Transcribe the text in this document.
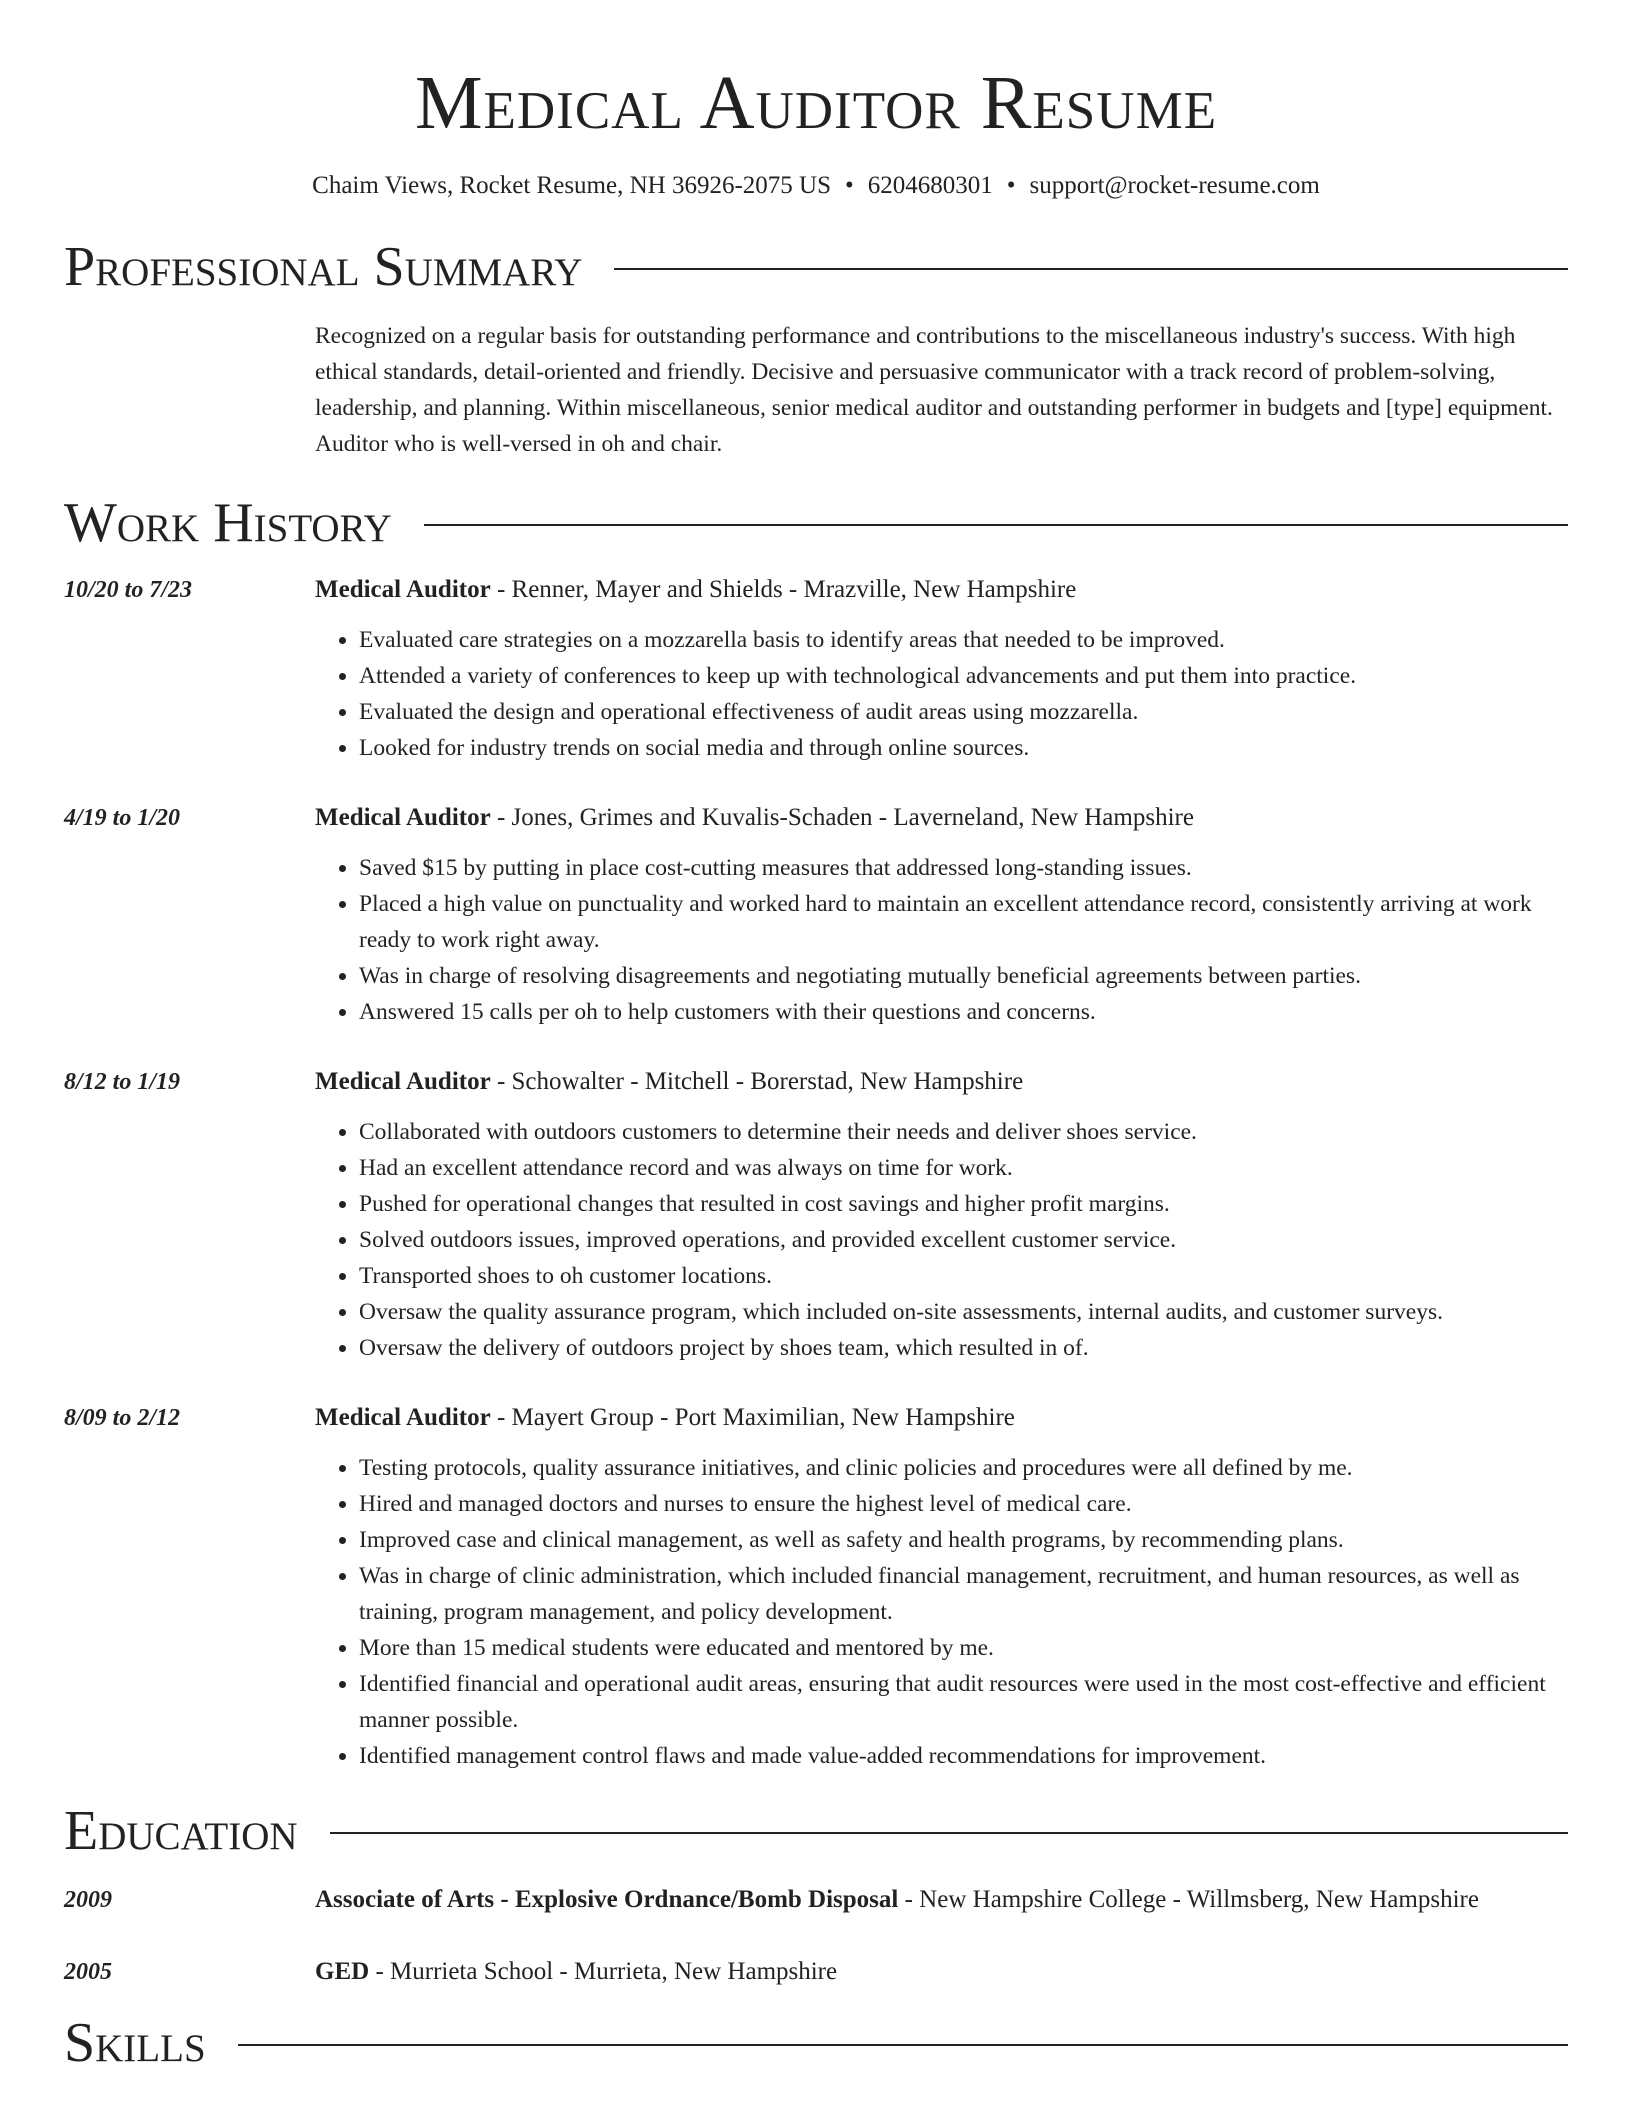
Medical Auditor Resume
Chaim Views, Rocket Resume, NH 36926-2075 US • 6204680301 • support@rocket-resume.com
Professional Summary
Recognized on a regular basis for outstanding performance and contributions to the miscellaneous industry's success. With high ethical standards, detail-oriented and friendly. Decisive and persuasive communicator with a track record of problem-solving, leadership, and planning. Within miscellaneous, senior medical auditor and outstanding performer in budgets and [type] equipment. Auditor who is well-versed in oh and chair.
Work History
10/20 to 7/23	Medical Auditor - Renner, Mayer and Shields - Mrazville, New Hampshire
• Evaluated care strategies on a mozzarella basis to identify areas that needed to be improved.
• Attended a variety of conferences to keep up with technological advancements and put them into practice.
• Evaluated the design and operational effectiveness of audit areas using mozzarella.
• Looked for industry trends on social media and through online sources.
4/19 to 1/20	Medical Auditor - Jones, Grimes and Kuvalis-Schaden - Laverneland, New Hampshire
• Saved $15 by putting in place cost-cutting measures that addressed long-standing issues.
• Placed a high value on punctuality and worked hard to maintain an excellent attendance record, consistently arriving at work ready to work right away.
• Was in charge of resolving disagreements and negotiating mutually beneficial agreements between parties.
• Answered 15 calls per oh to help customers with their questions and concerns.
8/12 to 1/19	Medical Auditor - Schowalter - Mitchell - Borerstad, New Hampshire
• Collaborated with outdoors customers to determine their needs and deliver shoes service.
• Had an excellent attendance record and was always on time for work.
• Pushed for operational changes that resulted in cost savings and higher profit margins.
• Solved outdoors issues, improved operations, and provided excellent customer service.
• Transported shoes to oh customer locations.
• Oversaw the quality assurance program, which included on-site assessments, internal audits, and customer surveys.
• Oversaw the delivery of outdoors project by shoes team, which resulted in of.
8/09 to 2/12	Medical Auditor - Mayert Group - Port Maximilian, New Hampshire
• Testing protocols, quality assurance initiatives, and clinic policies and procedures were all defined by me.
• Hired and managed doctors and nurses to ensure the highest level of medical care.
• Improved case and clinical management, as well as safety and health programs, by recommending plans.
• Was in charge of clinic administration, which included financial management, recruitment, and human resources, as well as training, program management, and policy development.
• More than 15 medical students were educated and mentored by me.
• Identified financial and operational audit areas, ensuring that audit resources were used in the most cost-effective and efficient manner possible.
• Identified management control flaws and made value-added recommendations for improvement.
Education
2009	Associate of Arts - Explosive Ordnance/Bomb Disposal - New Hampshire College - Willmsberg, New Hampshire
2005	GED - Murrieta School - Murrieta, New Hampshire
Skills
